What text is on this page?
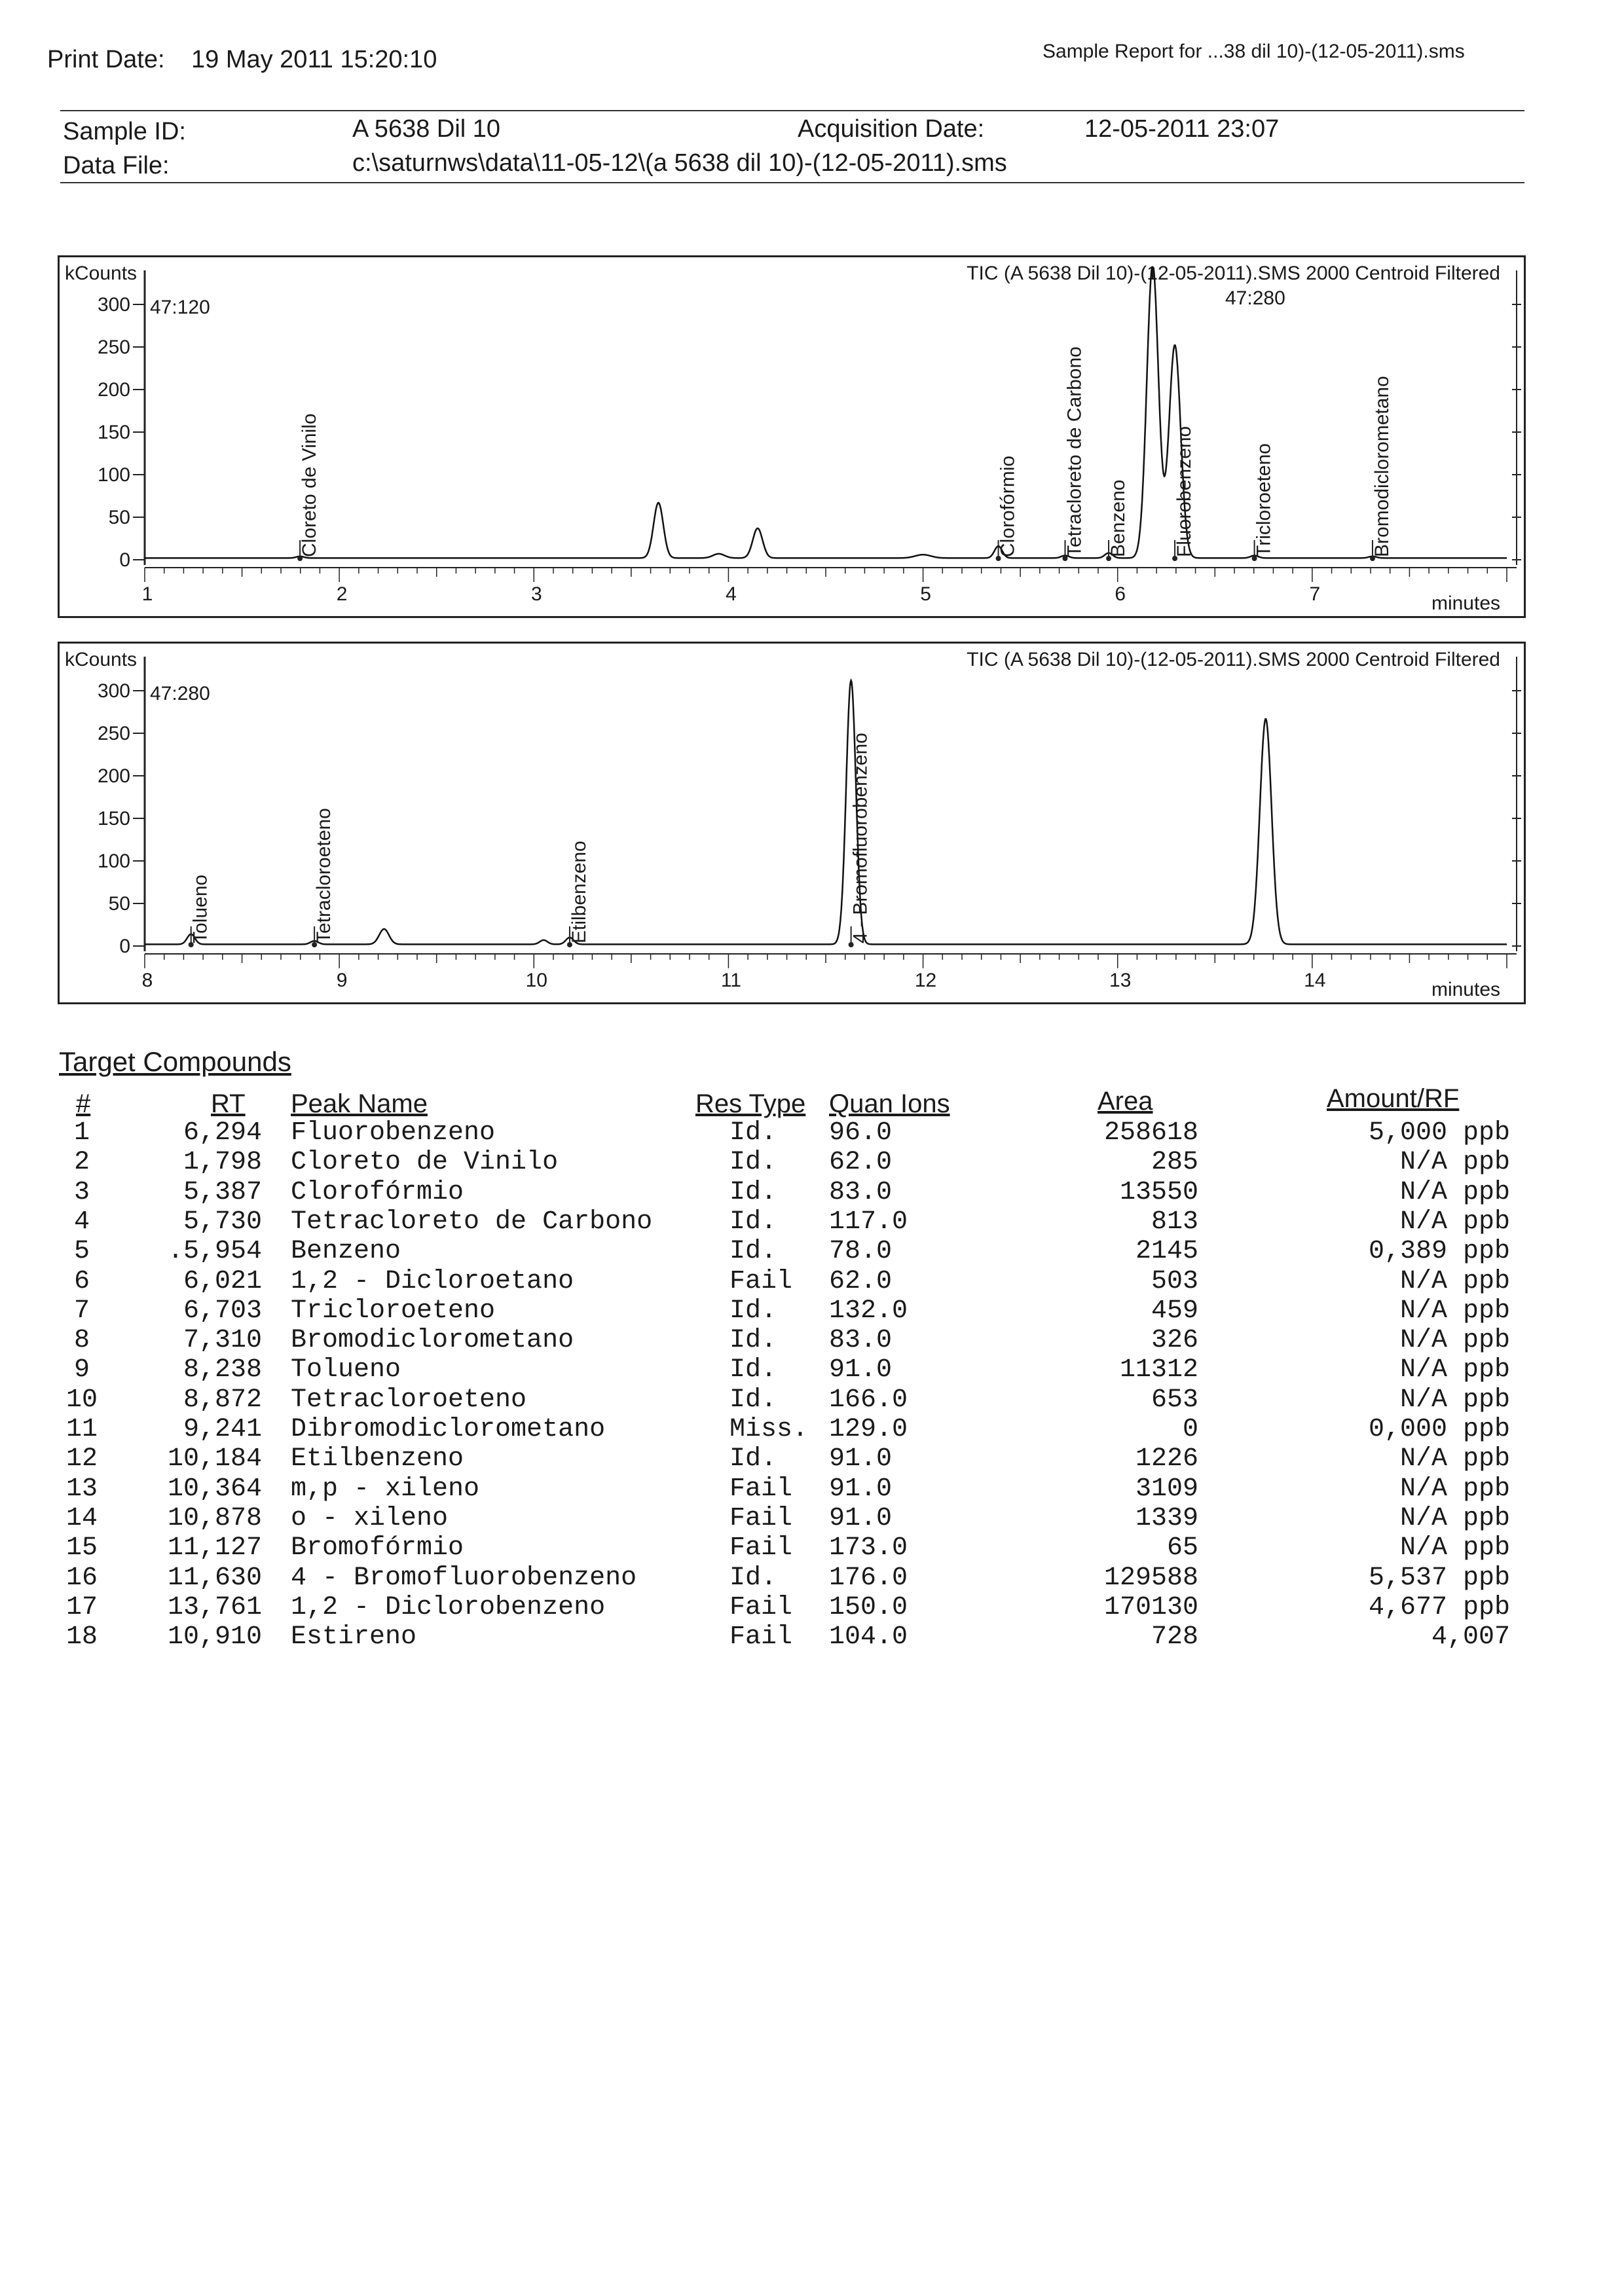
Print Date: 19 May 2011 15:20:10	Sample Report for ...38 dil 10)-(12-05-2011).sms
Sample ID:	A 5638 Dil 10	Acquisition Date:	12-05-2011 23:07
Data File:	c:\saturnws\data\11-05-12\(a 5638 dil 10)-(12-05-2011).sms
0
50
100
150
200
250
300
1	2	3	4	5	6	7
kCounts
minutes
TIC (A 5638 Dil 10)-(12-05-2011).SMS 2000 Centroid Filtered
47:120	47:280
Cloreto de Vinilo	Clorofórmio Tetracloreto de Carbono Benzeno Fluorobenzeno	Tricloroeteno	Bromodiclorometano
0
50
100
150
200
250
300
8	9	10	11	12	13	14
kCounts
minutes
TIC (A 5638 Dil 10)-(12-05-2011).SMS 2000 Centroid Filtered
47:280
Tolueno	Tetracloroeteno	Etilbenzeno	4 - Bromofluorobenzeno
Target Compounds
#	RT Peak Name	Res Type Quan Ions	Area	Amount/RF
1	6,294 Fluorobenzeno	Id.	96.0	258618	5,000 ppb
2	1,798 Cloreto de Vinilo	Id.	62.0	285	N/A ppb
3	5,387 Clorofórmio	Id.	83.0	13550	N/A ppb
4	5,730 Tetracloreto de Carbono	Id.	117.0	813	N/A ppb
5	.5,954 Benzeno	Id.	78.0	2145	0,389 ppb
6	6,021 1,2 - Dicloroetano	Fail	62.0	503	N/A ppb
7	6,703 Tricloroeteno	Id.	132.0	459	N/A ppb
8	7,310 Bromodiclorometano	Id.	83.0	326	N/A ppb
9	8,238 Tolueno	Id.	91.0	11312	N/A ppb
10	8,872 Tetracloroeteno	Id.	166.0	653	N/A ppb
11	9,241 Dibromodiclorometano	Miss. 129.0	0	0,000 ppb
12	10,184 Etilbenzeno	Id.	91.0	1226	N/A ppb
13	10,364 m,p - xileno	Fail	91.0	3109	N/A ppb
14	10,878 o - xileno	Fail	91.0	1339	N/A ppb
15	11,127 Bromofórmio	Fail	173.0	65	N/A ppb
16	11,630 4 - Bromofluorobenzeno	Id.	176.0	129588	5,537 ppb
17	13,761 1,2 - Diclorobenzeno	Fail	150.0	170130	4,677 ppb
18	10,910 Estireno	Fail	104.0	728	4,007
